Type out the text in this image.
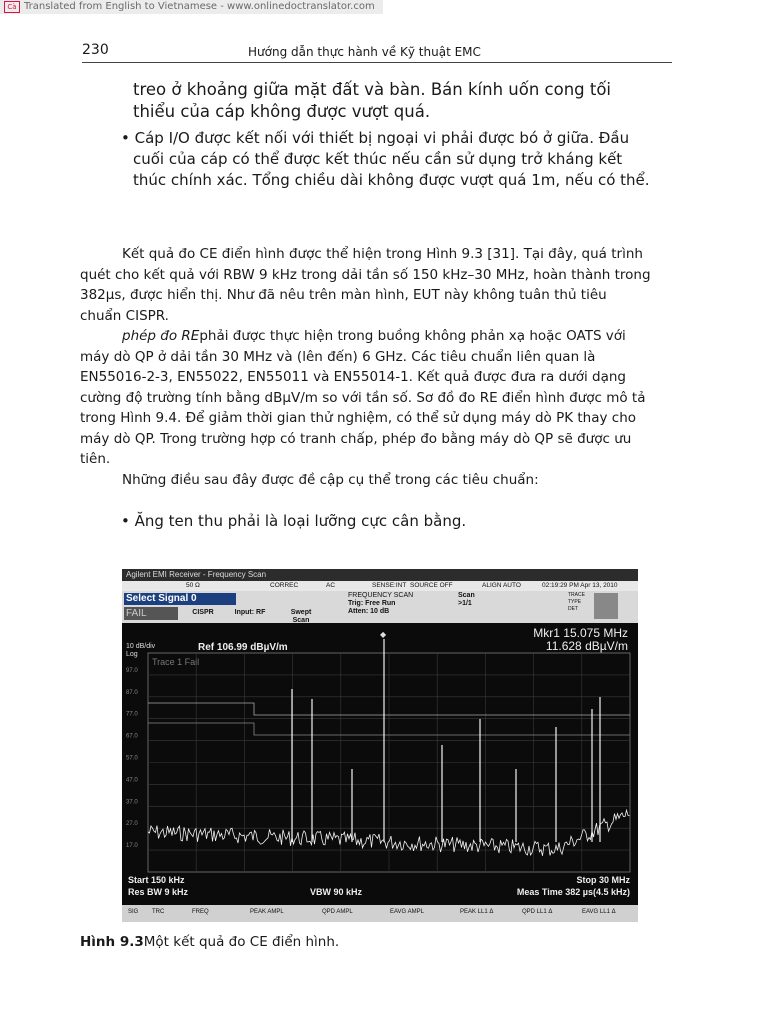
Cà Translated from English to Vietnamese - www.onlinedoctranslator.com
230	Hướng dẫn thực hành về Kỹ thuật EMC
treo ở khoảng giữa mặt đất và bàn. Bán kính uốn cong tối
thiểu của cáp không được vượt quá.
• Cáp I/O được kết nối với thiết bị ngoại vi phải được bó ở giữa. Đầu
cuối của cáp có thể được kết thúc nếu cần sử dụng trở kháng kết
thúc chính xác. Tổng chiều dài không được vượt quá 1m, nếu có thể.
Kết quả đo CE điển hình được thể hiện trong Hình 9.3 [31]. Tại đây, quá trình
quét cho kết quả với RBW 9 kHz trong dải tần số 150 kHz–30 MHz, hoàn thành trong
382µs, được hiển thị. Như đã nêu trên màn hình, EUT này không tuân thủ tiêu
chuẩn CISPR.
phép đo REphải được thực hiện trong buồng không phản xạ hoặc OATS với
máy dò QP ở dải tần 30 MHz và (lên đến) 6 GHz. Các tiêu chuẩn liên quan là
EN55016-2-3, EN55022, EN55011 và EN55014-1. Kết quả được đưa ra dưới dạng
cường độ trường tính bằng dBµV/m so với tần số. Sơ đồ đo RE điển hình được mô tả
trong Hình 9.4. Để giảm thời gian thử nghiệm, có thể sử dụng máy dò PK thay cho
máy dò QP. Trong trường hợp có tranh chấp, phép đo bằng máy dò QP sẽ được ưu
tiên.
Những điều sau đây được đề cập cụ thể trong các tiêu chuẩn:
• Ăng ten thu phải là loại lưỡng cực cân bằng.
Agilent EMI Receiver - Frequency Scan
50 Ω	CORREC	AC	SENSE:INT SOURCE OFF	ALIGN AUTO	02:19:29 PM Apr 13, 2010
Select Signal 0
FAIL	CISPR	Input: RF	Swept Scan
FREQUENCY SCAN
Trig: Free Run
Atten: 10 dB
Scan
>1/1
TRACE
TYPE
DET
10 dB/div
Log
Ref 106.99 dBµV/m
Mkr1 15.075 MHz
11.628 dBµV/m
97.0
87.0
77.0
67.0
57.0
47.0
37.0
27.0
17.0
Trace 1 Fail
◆
Start 150 kHz
Res BW 9 kHz	VBW 90 kHz
Stop 30 MHz
Meas Time 382 µs(4.5 kHz)
SIG TRC	FREQ	PEAK AMPL	QPD AMPL	EAVG AMPL	PEAK LL1 Δ	QPD LL1 Δ	EAVG LL1 Δ
Hình 9.3Một kết quả đo CE điển hình.
